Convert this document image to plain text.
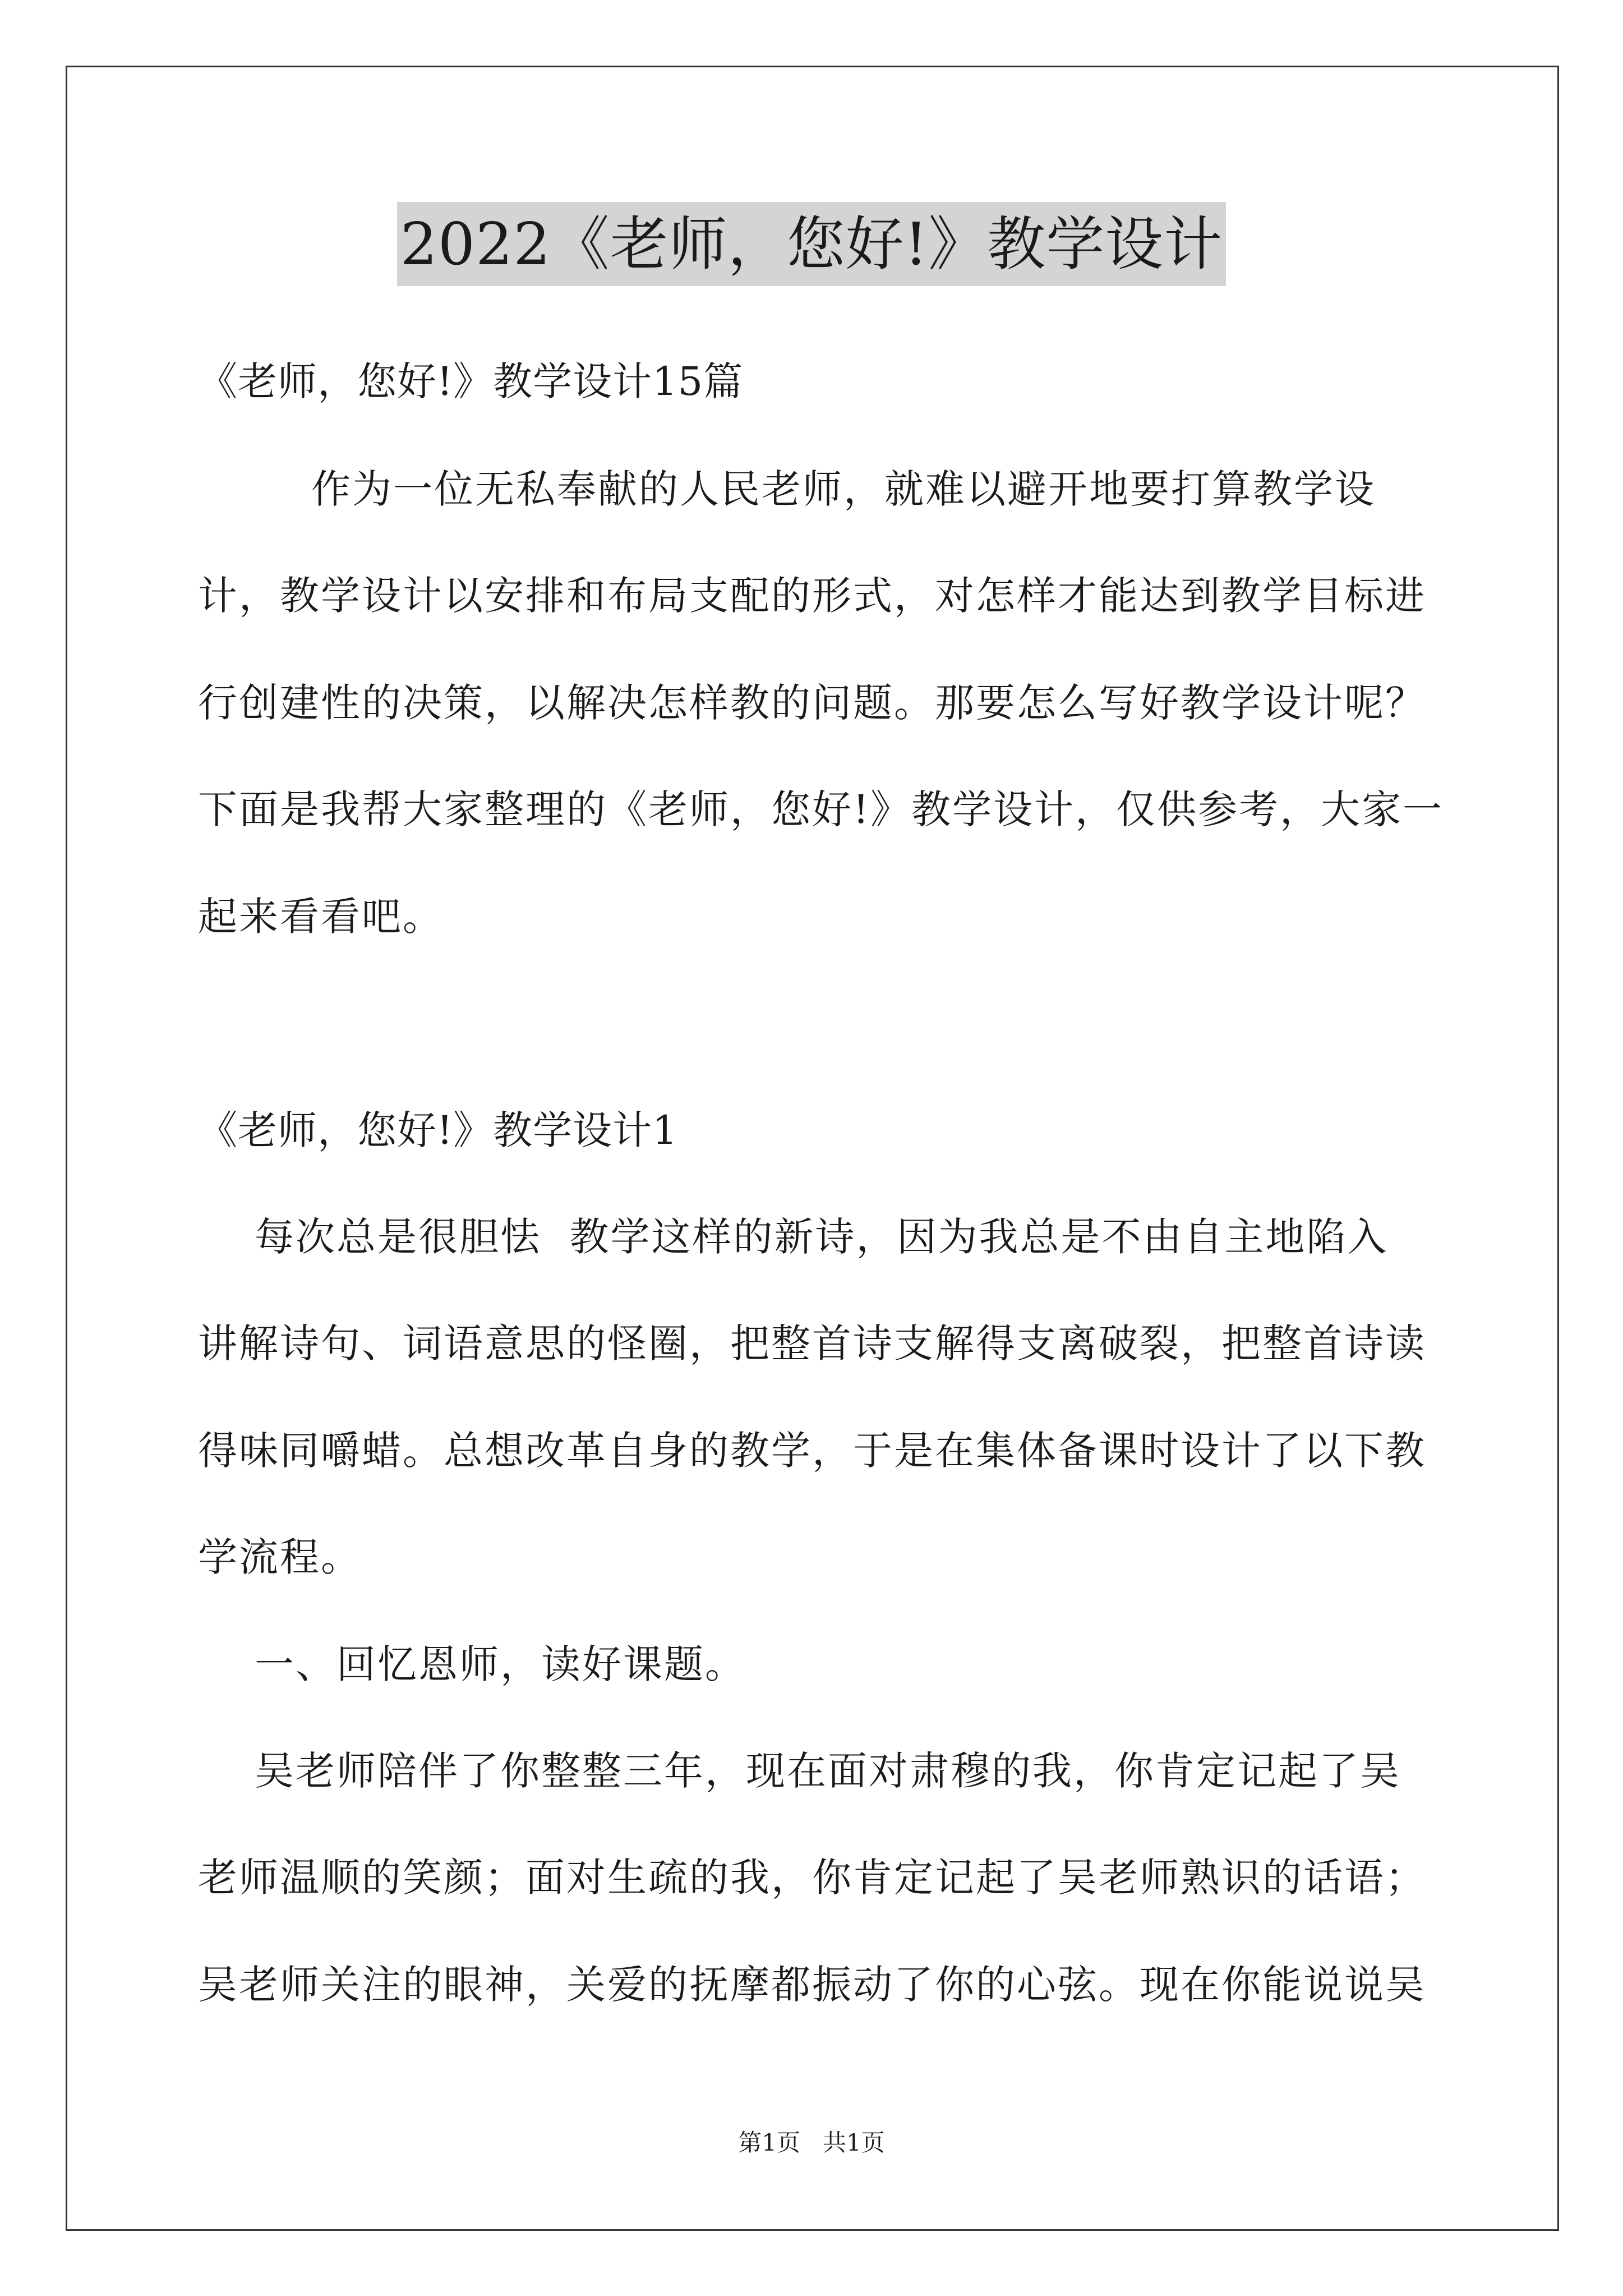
2022《老师，您好!》教学设计
《老师，您好!》教学设计15篇
作为一位无私奉献的人民老师，就难以避开地要打算教学设
计，教学设计以安排和布局支配的形式，对怎样才能达到教学目标进
行创建性的决策，以解决怎样教的问题。那要怎么写好教学设计呢？
下面是我帮大家整理的《老师，您好!》教学设计，仅供参考，大家一
起来看看吧。
《老师，您好!》教学设计1
每次总是很胆怯  教学这样的新诗，因为我总是不由自主地陷入
讲解诗句、词语意思的怪圈，把整首诗支解得支离破裂，把整首诗读
得味同嚼蜡。总想改革自身的教学，于是在集体备课时设计了以下教
学流程。
一、回忆恩师，读好课题。
吴老师陪伴了你整整三年，现在面对肃穆的我，你肯定记起了吴
老师温顺的笑颜；面对生疏的我，你肯定记起了吴老师熟识的话语；
吴老师关注的眼神，关爱的抚摩都振动了你的心弦。现在你能说说吴
第1页   共1页
